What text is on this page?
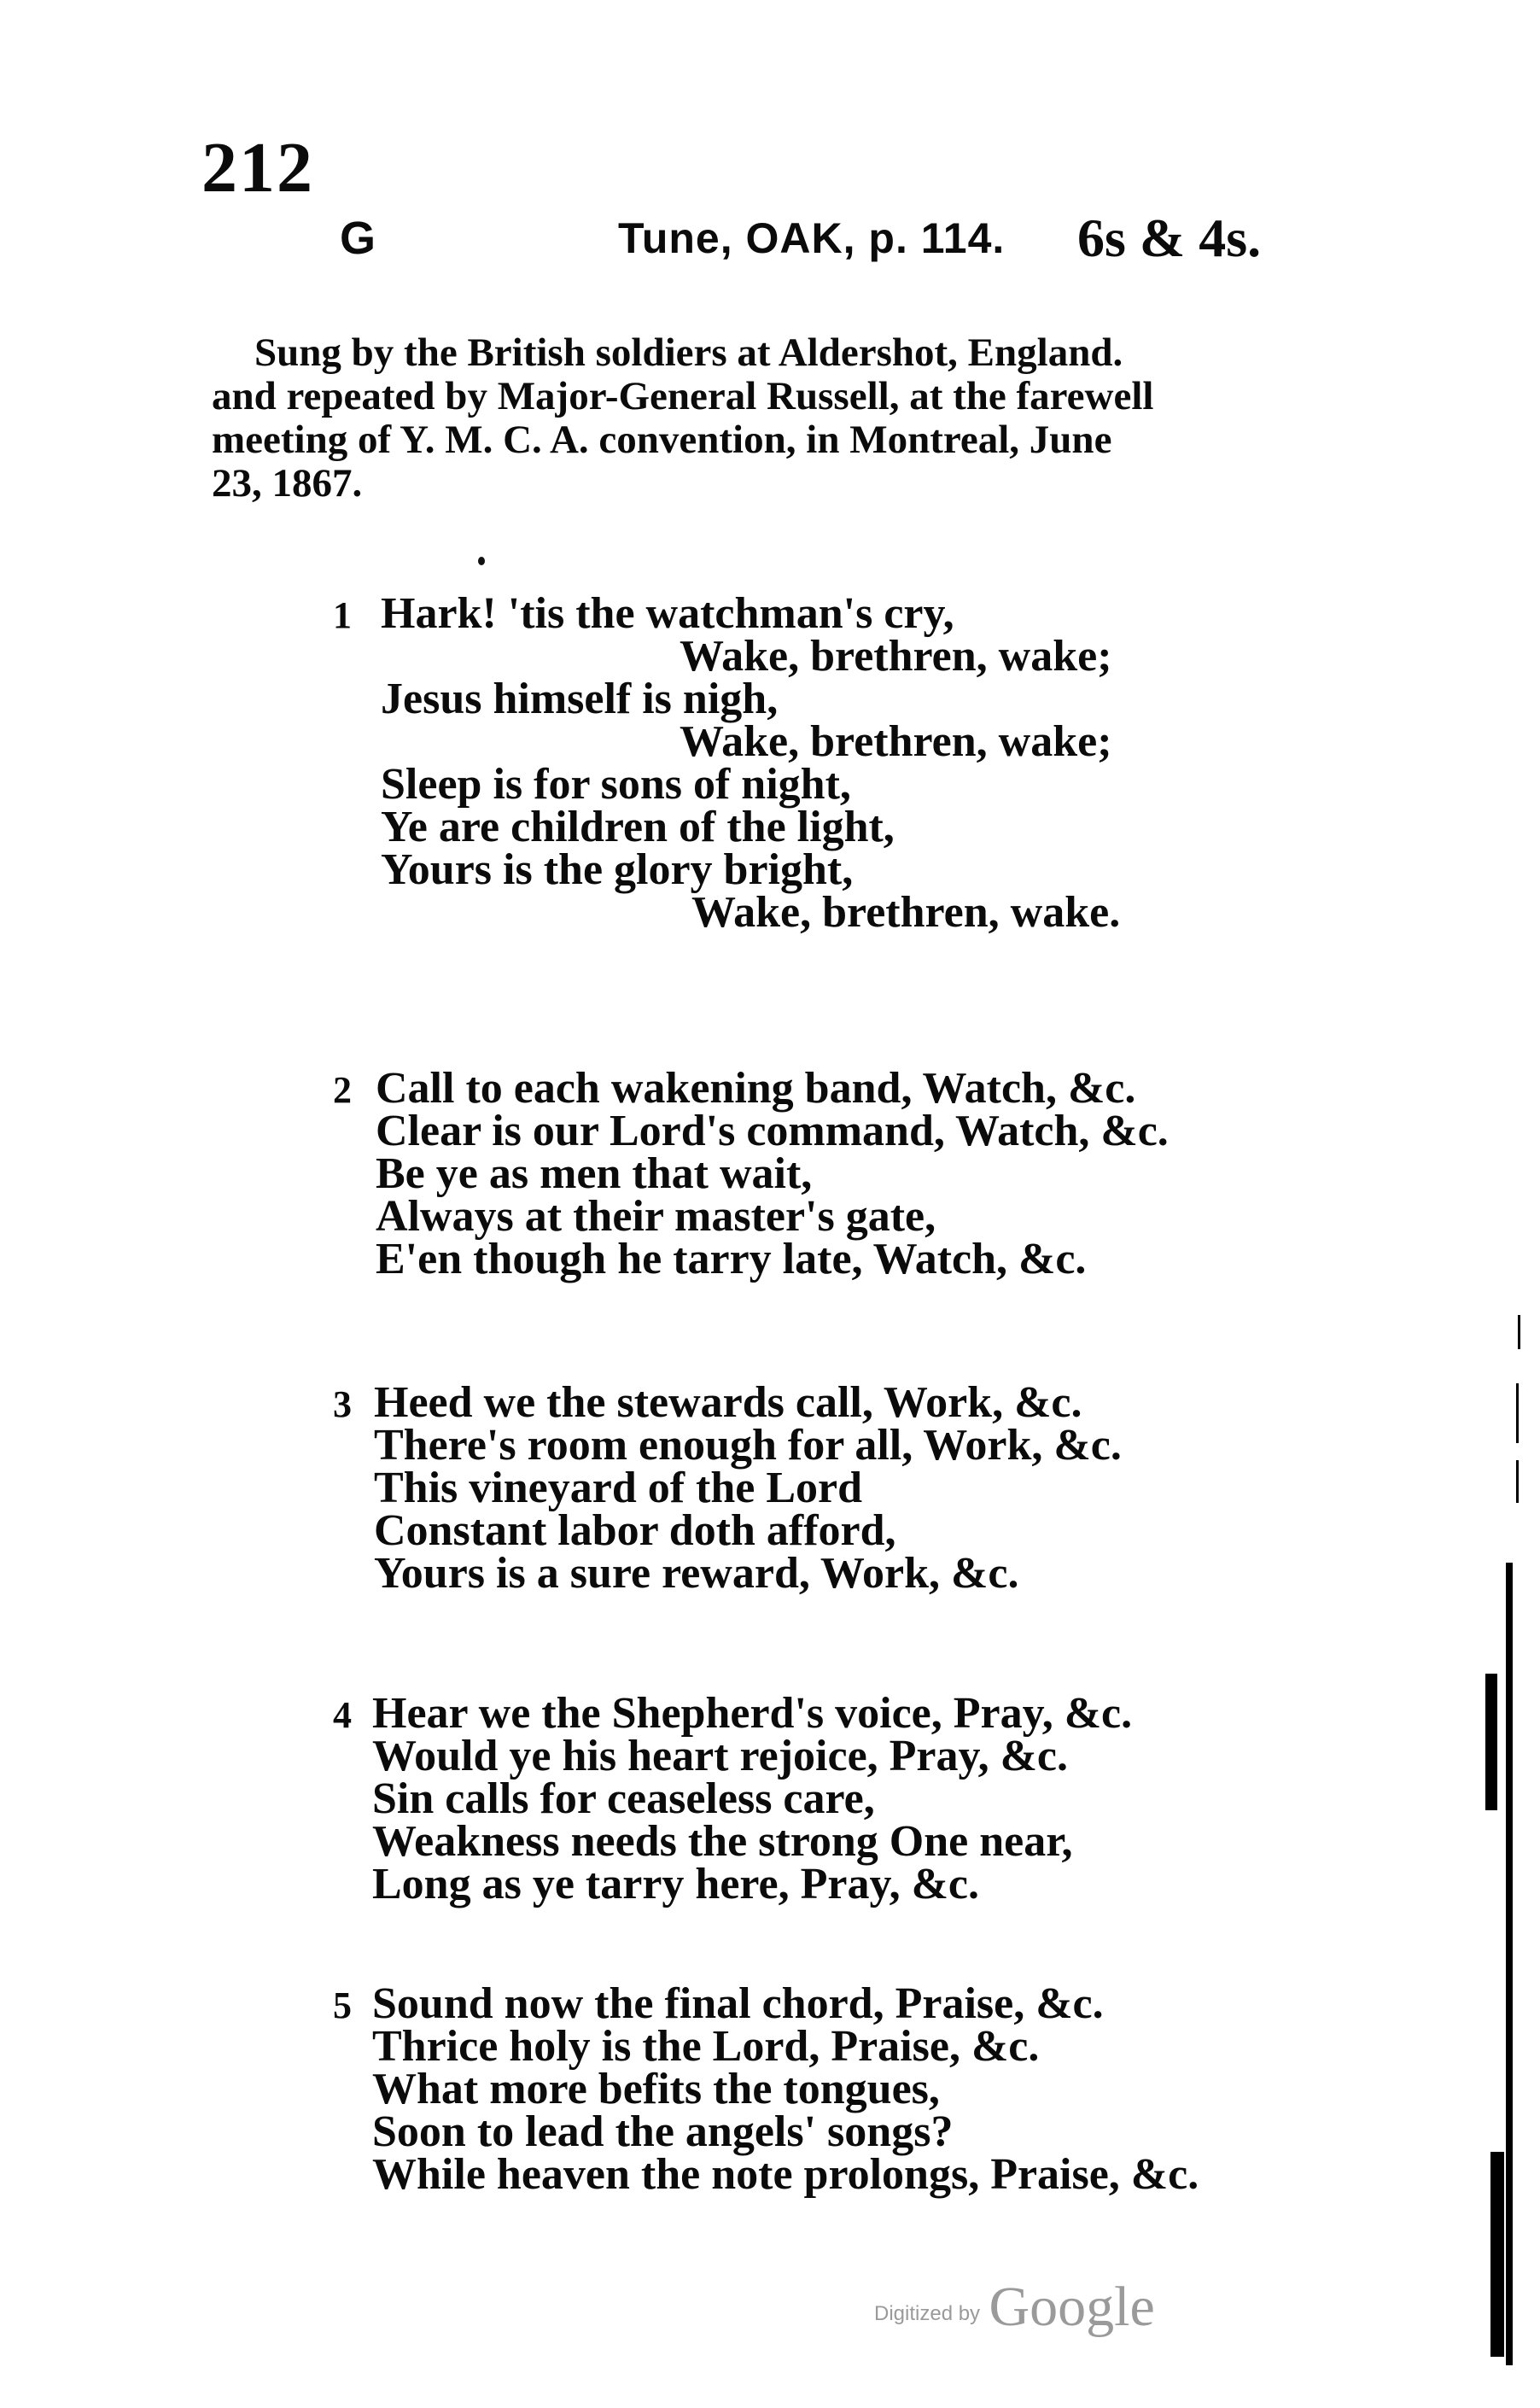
212
G	Tune, OAK, p. 114. 6s & 4s.
Sung by the British soldiers at Aldershot, England.
and repeated by Major-General Russell, at the farewell
meeting of Y. M. C. A. convention, in Montreal, June
23, 1867.
1 Hark! 'tis the watchman's cry,
Wake, brethren, wake;
Jesus himself is nigh,
Wake, brethren, wake;
Sleep is for sons of night,
Ye are children of the light,
Yours is the glory bright,
Wake, brethren, wake.
2 Call to each wakening band, Watch, &c.
Clear is our Lord's command, Watch, &c.
Be ye as men that wait,
Always at their master's gate,
E'en though he tarry late, Watch, &c.
3 Heed we the stewards call, Work, &c.
There's room enough for all, Work, &c.
This vineyard of the Lord
Constant labor doth afford,
Yours is a sure reward, Work, &c.
4 Hear we the Shepherd's voice, Pray, &c.
Would ye his heart rejoice, Pray, &c.
Sin calls for ceaseless care,
Weakness needs the strong One near,
Long as ye tarry here, Pray, &c.
5 Sound now the final chord, Praise, &c.
Thrice holy is the Lord, Praise, &c.
What more befits the tongues,
Soon to lead the angels' songs?
While heaven the note prolongs, Praise, &c.
Digitized by Google
